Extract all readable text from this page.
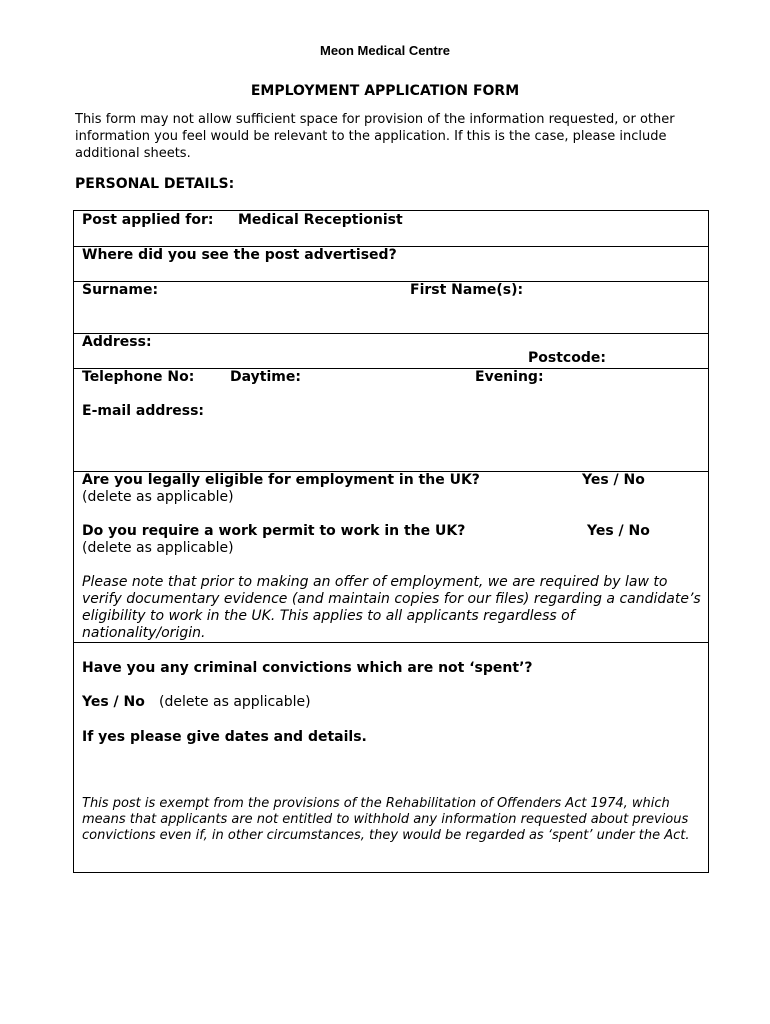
Meon Medical Centre
EMPLOYMENT APPLICATION FORM
This form may not allow sufficient space for provision of the information requested, or other information you feel would be relevant to the application. If this is the case, please include additional sheets.
PERSONAL DETAILS:
Post applied for: Medical Receptionist
Where did you see the post advertised?
Surname:	First Name(s):
Address:
Postcode:
Telephone No:	Daytime:	Evening:
E-mail address:
Are you legally eligible for employment in the UK?	Yes / No
(delete as applicable)
Do you require a work permit to work in the UK?	Yes / No
(delete as applicable)
Please note that prior to making an offer of employment, we are required by law to verify documentary evidence (and maintain copies for our files) regarding a candidate’s eligibility to work in the UK. This applies to all applicants regardless of nationality/origin.
Have you any criminal convictions which are not ‘spent’?
Yes / No (delete as applicable)
If yes please give dates and details.
This post is exempt from the provisions of the Rehabilitation of Offenders Act 1974, which means that applicants are not entitled to withhold any information requested about previous convictions even if, in other circumstances, they would be regarded as ‘spent’ under the Act.
